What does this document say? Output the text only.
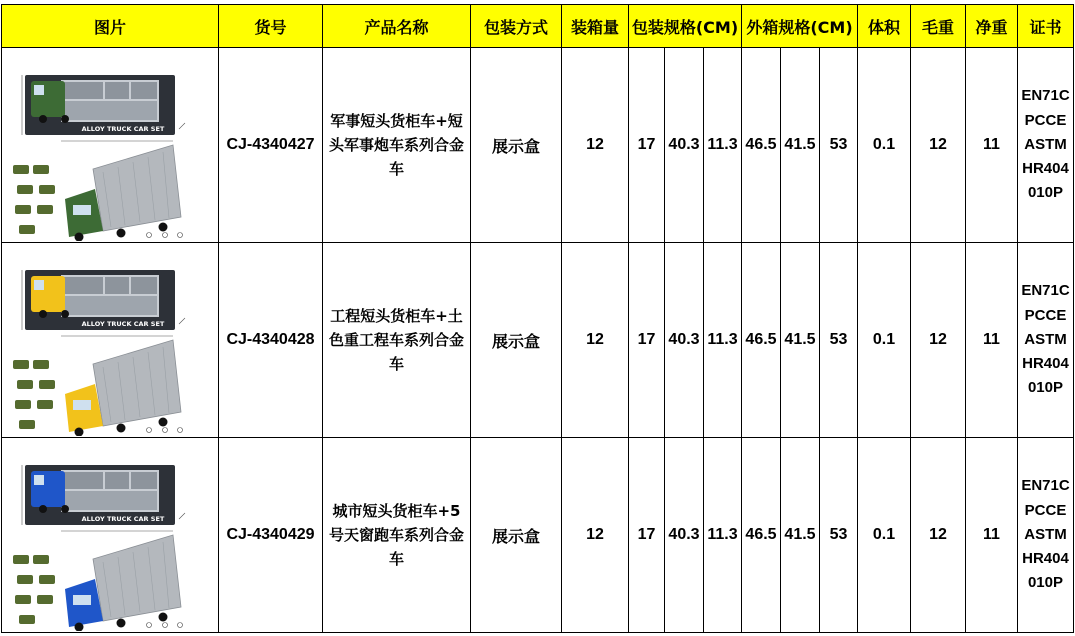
图片	货号	产品名称	包装方式	装箱量	包装规格(CM)			外箱规格(CM)			体积	毛重	净重	证书

ALLOY TRUCK CAR SET	CJ-4340427	军事短头货柜车+短头军事炮车系列合金车	展示盒	12	17	40.3	11.3	46.5	41.5	53	0.1	12	11	EN71CPCCEASTMHR404010P

ALLOY TRUCK CAR SET	CJ-4340428	工程短头货柜车+土色重工程车系列合金车	展示盒	12	17	40.3	11.3	46.5	41.5	53	0.1	12	11	EN71CPCCEASTMHR404010P

ALLOY TRUCK CAR SET	CJ-4340429	城市短头货柜车+5号天窗跑车系列合金车	展示盒	12	17	40.3	11.3	46.5	41.5	53	0.1	12	11	EN71CPCCEASTMHR404010P
